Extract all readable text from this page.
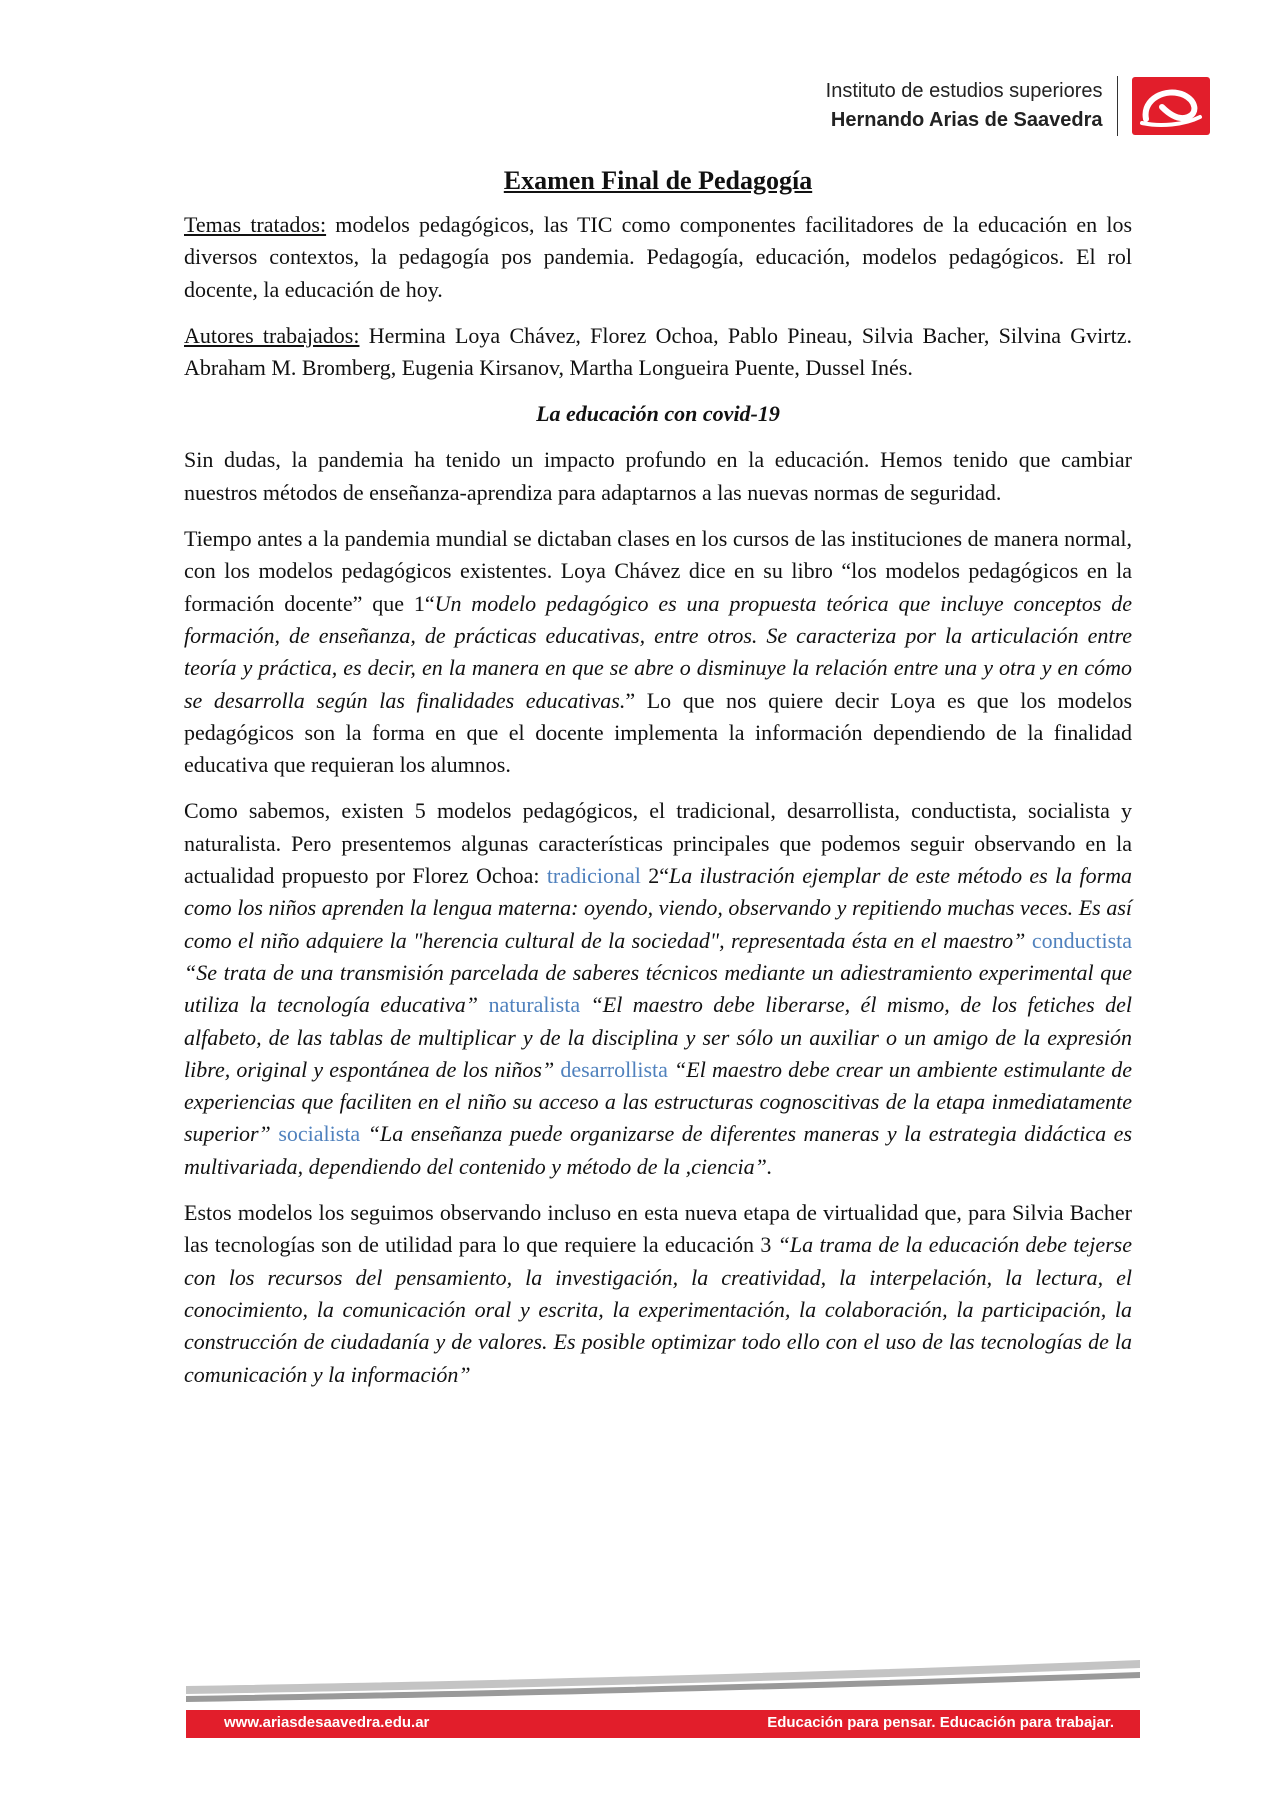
Instituto de estudios superiores
Hernando Arias de Saavedra
Examen Final de Pedagogía

Temas tratados: modelos pedagógicos, las TIC como componentes facilitadores de la educación en los diversos contextos, la pedagogía pos pandemia. Pedagogía, educación, modelos pedagógicos. El rol docente, la educación de hoy.

Autores trabajados: Hermina Loya Chávez, Florez Ochoa, Pablo Pineau, Silvia Bacher, Silvina Gvirtz. Abraham M. Bromberg, Eugenia Kirsanov, Martha Longueira Puente, Dussel Inés.

La educación con covid-19

Sin dudas, la pandemia ha tenido un impacto profundo en la educación. Hemos tenido que cambiar nuestros métodos de enseñanza-aprendiza para adaptarnos a las nuevas normas de seguridad.

Tiempo antes a la pandemia mundial se dictaban clases en los cursos de las instituciones de manera normal, con los modelos pedagógicos existentes. Loya Chávez dice en su libro “los modelos pedagógicos en la formación docente” que 1“Un modelo pedagógico es una propuesta teórica que incluye conceptos de formación, de enseñanza, de prácticas educativas, entre otros. Se caracteriza por la articulación entre teoría y práctica, es decir, en la manera en que se abre o disminuye la relación entre una y otra y en cómo se desarrolla según las finalidades educativas.” Lo que nos quiere decir Loya es que los modelos pedagógicos son la forma en que el docente implementa la información dependiendo de la finalidad educativa que requieran los alumnos.

Como sabemos, existen 5 modelos pedagógicos, el tradicional, desarrollista, conductista, socialista y naturalista. Pero presentemos algunas características principales que podemos seguir observando en la actualidad propuesto por Florez Ochoa: tradicional 2“La ilustración ejemplar de este método es la forma como los niños aprenden la lengua materna: oyendo, viendo, observando y repitiendo muchas veces. Es así como el niño adquiere la "herencia cultural de la sociedad", representada ésta en el maestro” conductista “Se trata de una transmisión parcelada de saberes técnicos mediante un adiestramiento experimental que utiliza la tecnología educativa” naturalista “El maestro debe liberarse, él mismo, de los fetiches del alfabeto, de las tablas de multiplicar y de la disciplina y ser sólo un auxiliar o un amigo de la expresión libre, original y espontánea de los niños” desarrollista “El maestro debe crear un ambiente estimulante de experiencias que faciliten en el niño su acceso a las estructuras cognoscitivas de la etapa inmediatamente superior” socialista “La enseñanza puede organizarse de diferentes maneras y la estrategia didáctica es multivariada, dependiendo del contenido y método de la ,ciencia”.

Estos modelos los seguimos observando incluso en esta nueva etapa de virtualidad que, para Silvia Bacher las tecnologías son de utilidad para lo que requiere la educación 3 “La trama de la educación debe tejerse con los recursos del pensamiento, la investigación, la creatividad, la interpelación, la lectura, el conocimiento, la comunicación oral y escrita, la experimentación, la colaboración, la participación, la construcción de ciudadanía y de valores. Es posible optimizar todo ello con el uso de las tecnologías de la comunicación y la información”

www.ariasdesaavedra.edu.ar	Educación para pensar. Educación para trabajar.
